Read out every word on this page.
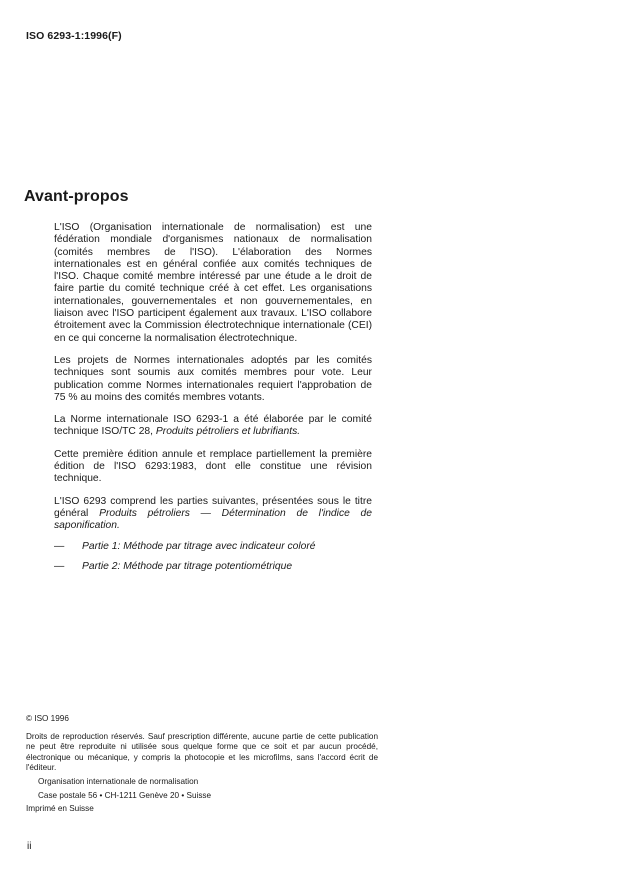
ISO 6293-1:1996(F)
Avant-propos

L'ISO (Organisation internationale de normalisation) est une fédération mondiale d'organismes nationaux de normalisation (comités membres de l'ISO). L'élaboration des Normes internationales est en général confiée aux comités techniques de l'ISO. Chaque comité membre intéressé par une étude a le droit de faire partie du comité technique créé à cet effet. Les organisations internationales, gouvernementales et non gouvernementales, en liaison avec l'ISO participent également aux travaux. L'ISO collabore étroitement avec la Commission électrotechnique internationale (CEI) en ce qui concerne la normalisation électrotechnique.

Les projets de Normes internationales adoptés par les comités techniques sont soumis aux comités membres pour vote. Leur publication comme Normes internationales requiert l'approbation de 75 % au moins des comités membres votants.

La Norme internationale ISO 6293-1 a été élaborée par le comité technique ISO/TC 28, Produits pétroliers et lubrifiants.

Cette première édition annule et remplace partiellement la première édition de l'ISO 6293:1983, dont elle constitue une révision technique.

L'ISO 6293 comprend les parties suivantes, présentées sous le titre général Produits pétroliers — Détermination de l'indice de saponification.

—	Partie 1: Méthode par titrage avec indicateur coloré
—	Partie 2: Méthode par titrage potentiométrique
© ISO 1996
Droits de reproduction réservés. Sauf prescription différente, aucune partie de cette publication ne peut être reproduite ni utilisée sous quelque forme que ce soit et par aucun procédé, électronique ou mécanique, y compris la photocopie et les microfilms, sans l'accord écrit de l'éditeur.
Organisation internationale de normalisation
Case postale 56 • CH-1211 Genève 20 • Suisse
Imprimé en Suisse
ii
